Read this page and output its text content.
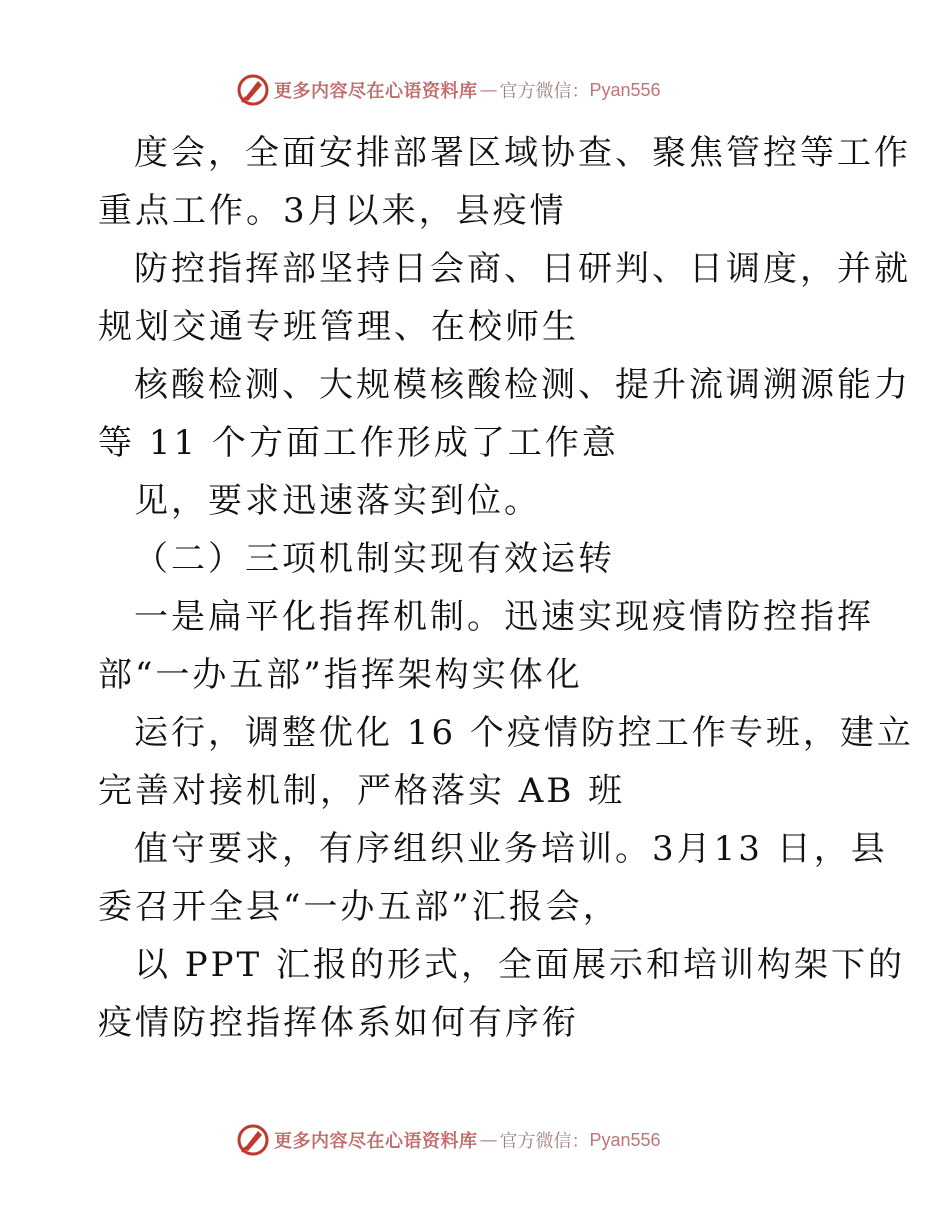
更多内容尽在心语资料库 — 官方微信： Pyan556
度会，全面安排部署区域协查、聚焦管控等工作
重点工作。3月以来，县疫情
防控指挥部坚持日会商、日研判、日调度，并就
规划交通专班管理、在校师生
核酸检测、大规模核酸检测、提升流调溯源能力
等 11 个方面工作形成了工作意
见，要求迅速落实到位。
（二）三项机制实现有效运转
一是扁平化指挥机制。迅速实现疫情防控指挥
部“一办五部”指挥架构实体化
运行，调整优化 16 个疫情防控工作专班，建立
完善对接机制，严格落实 AB 班
值守要求，有序组织业务培训。3月13 日，县
委召开全县“一办五部”汇报会，
以 PPT 汇报的形式，全面展示和培训构架下的
疫情防控指挥体系如何有序衔
更多内容尽在心语资料库 — 官方微信： Pyan556
